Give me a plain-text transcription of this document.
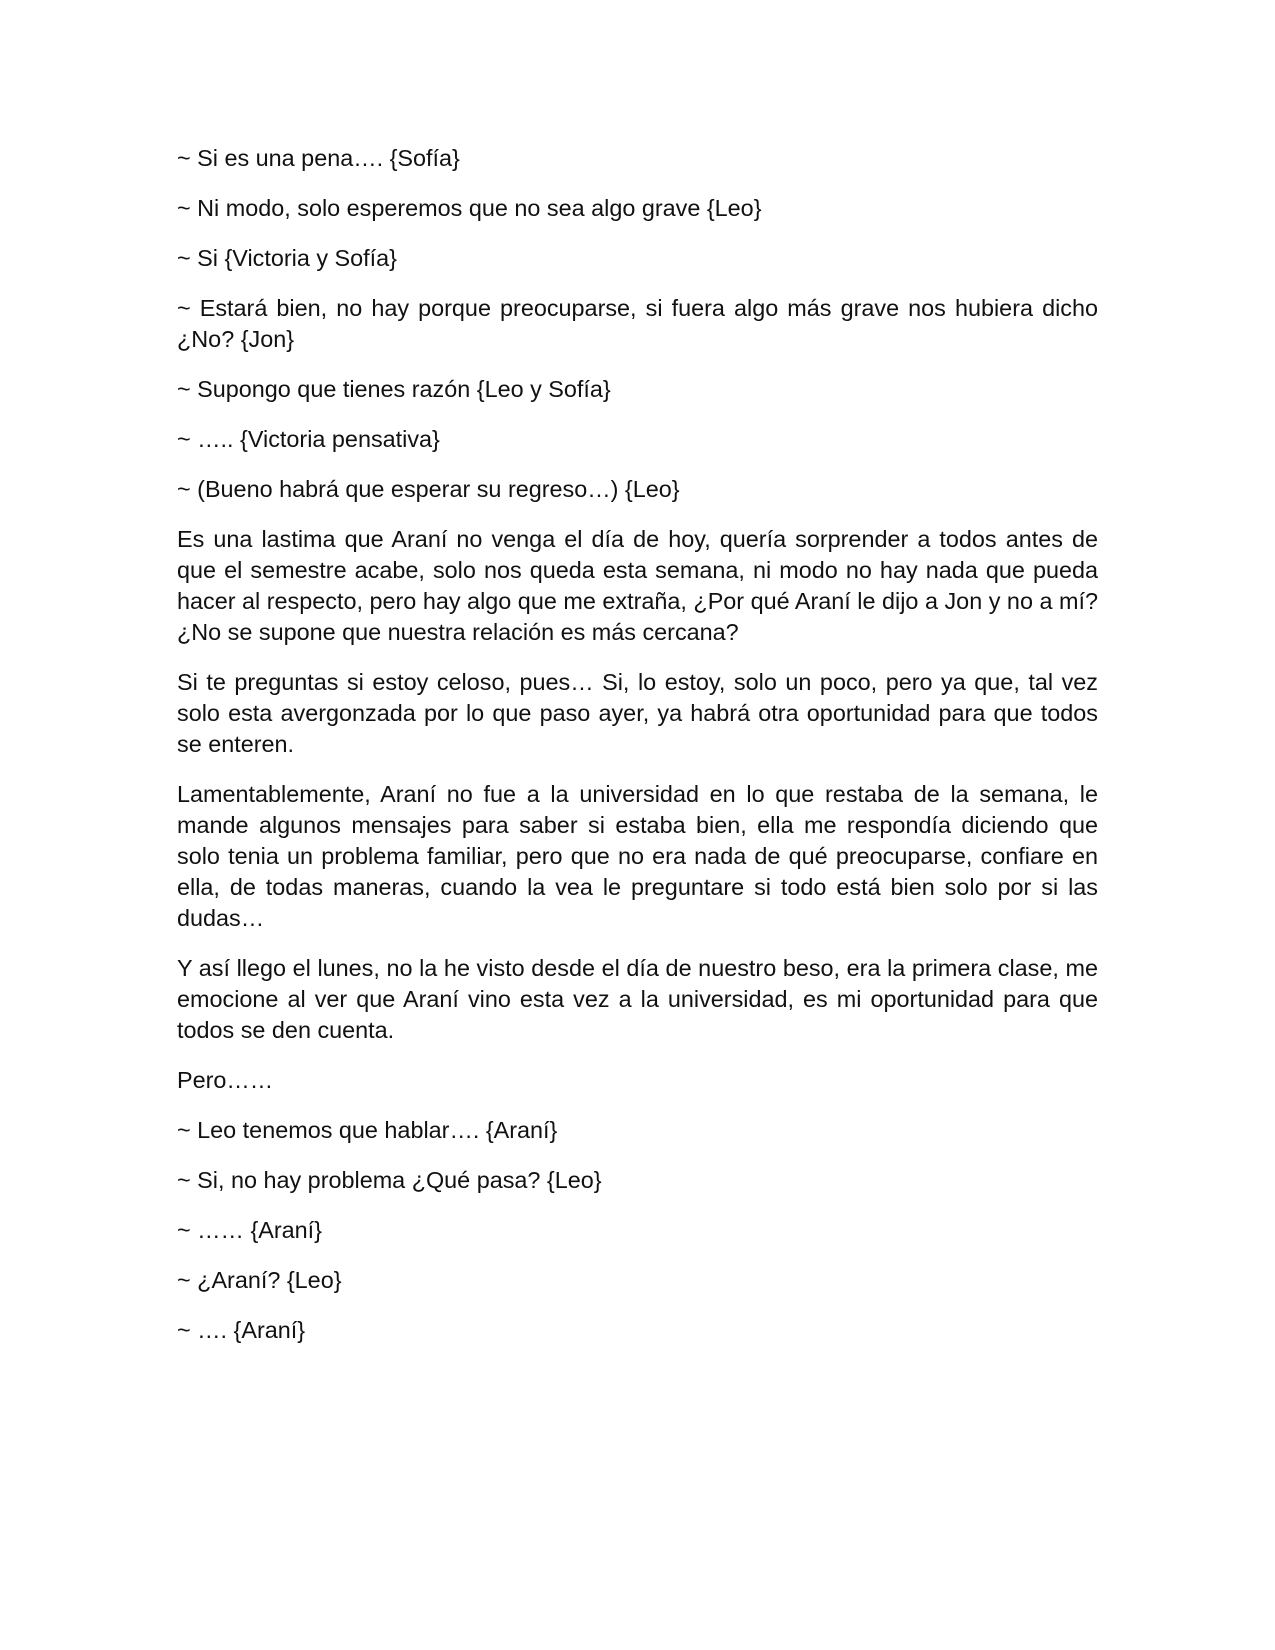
~ Si es una pena…. {Sofía}

~ Ni modo, solo esperemos que no sea algo grave {Leo}

~ Si {Victoria y Sofía}

~ Estará bien, no hay porque preocuparse, si fuera algo más grave nos hubiera dicho ¿No? {Jon}

~ Supongo que tienes razón {Leo y Sofía}

~ ….. {Victoria pensativa}

~ (Bueno habrá que esperar su regreso…) {Leo}

Es una lastima que Araní no venga el día de hoy, quería sorprender a todos antes de que el semestre acabe, solo nos queda esta semana, ni modo no hay nada que pueda hacer al respecto, pero hay algo que me extraña, ¿Por qué Araní le dijo a Jon y no a mí? ¿No se supone que nuestra relación es más cercana?

Si te preguntas si estoy celoso, pues… Si, lo estoy, solo un poco, pero ya que, tal vez solo esta avergonzada por lo que paso ayer, ya habrá otra oportunidad para que todos se enteren.

Lamentablemente, Araní no fue a la universidad en lo que restaba de la semana, le mande algunos mensajes para saber si estaba bien, ella me respondía diciendo que solo tenia un problema familiar, pero que no era nada de qué preocuparse, confiare en ella, de todas maneras, cuando la vea le preguntare si todo está bien solo por si las dudas…

Y así llego el lunes, no la he visto desde el día de nuestro beso, era la primera clase, me emocione al ver que Araní vino esta vez a la universidad, es mi oportunidad para que todos se den cuenta.

Pero……

~ Leo tenemos que hablar…. {Araní}

~ Si, no hay problema ¿Qué pasa? {Leo}

~ …… {Araní}

~ ¿Araní? {Leo}

~ …. {Araní}
